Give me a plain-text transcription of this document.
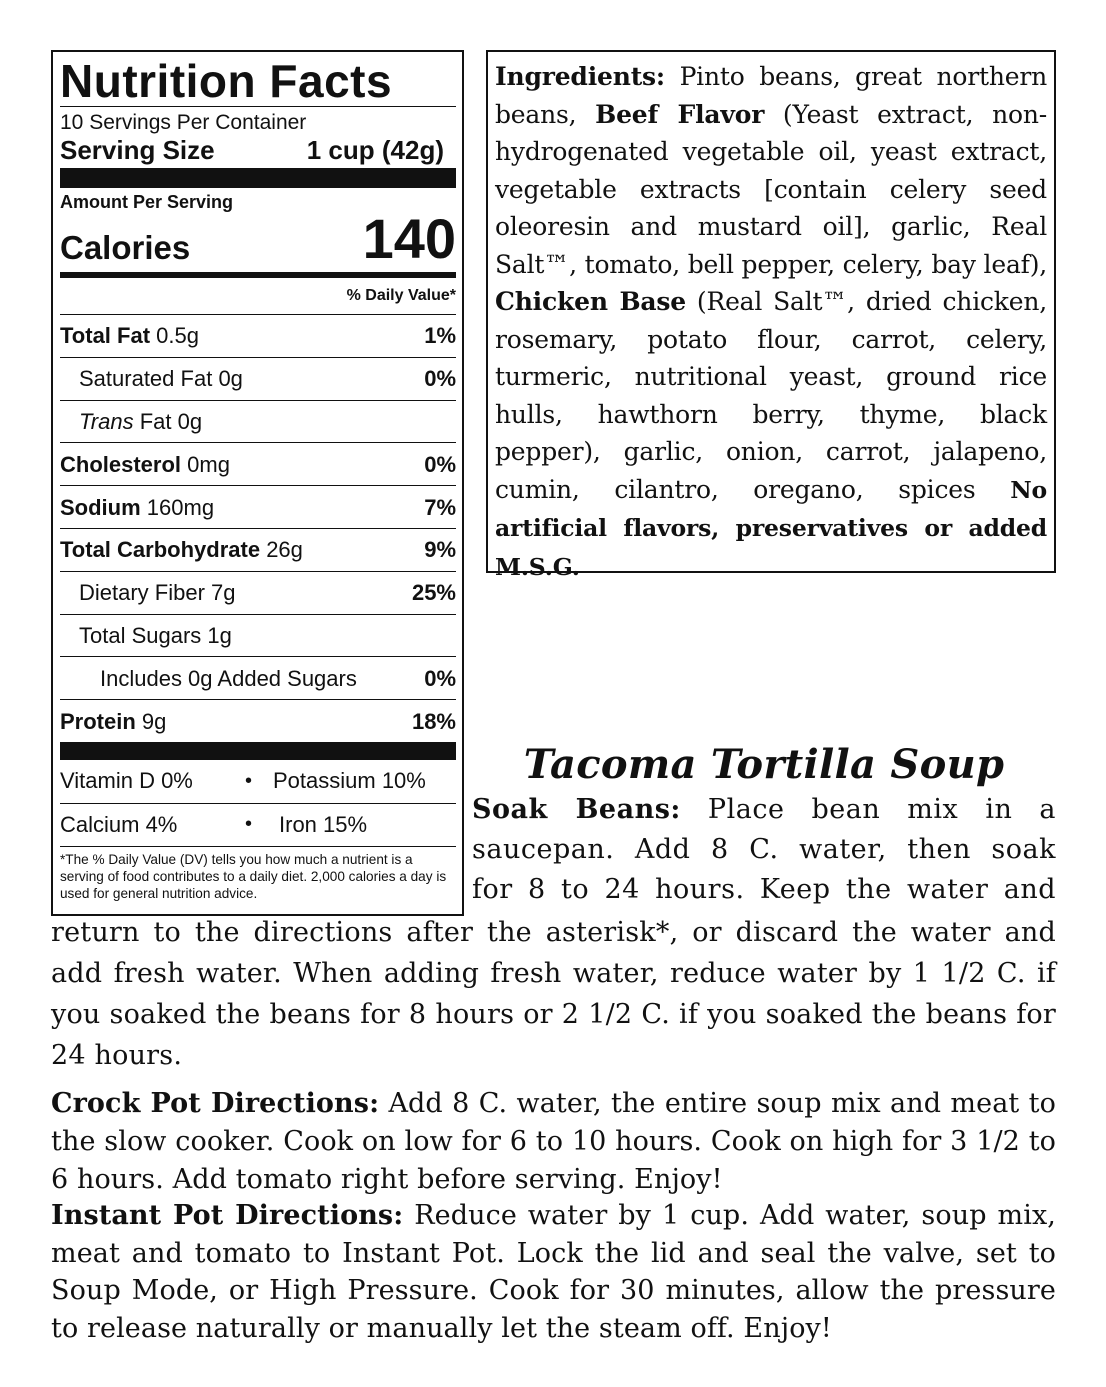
Nutrition Facts
10 Servings Per Container
Serving Size	1 cup (42g)
Amount Per Serving
Calories	140
% Daily Value*
Total Fat 0.5g	1%
Saturated Fat 0g	0%
Trans Fat 0g
Cholesterol 0mg	0%
Sodium 160mg	7%
Total Carbohydrate 26g	9%
Dietary Fiber 7g	25%
Total Sugars 1g
Includes 0g Added Sugars	0%
Protein 9g	18%
Vitamin D 0%	• Potassium 10%
Calcium 4%	•	Iron 15%
*The % Daily Value (DV) tells you how much a nutrient is a serving of food contributes to a daily diet. 2,000 calories a day is used for general nutrition advice.
Ingredients: Pinto beans, great northern beans, Beef Flavor (Yeast extract, non-hydrogenated vegetable oil, yeast extract, vegetable extracts [contain celery seed oleoresin and mustard oil], garlic, Real Salt™, tomato, bell pepper, celery, bay leaf), Chicken Base (Real Salt™, dried chicken, rosemary, potato flour, carrot, celery, turmeric, nutritional yeast, ground rice hulls, hawthorn berry, thyme, black pepper), garlic, onion, carrot, jalapeno, cumin, cilantro, oregano, spices No artificial flavors, preservatives or added M.S.G.
Tacoma Tortilla Soup
Soak Beans: Place bean mix in a
saucepan. Add 8 C. water, then soak
for 8 to 24 hours. Keep the water and
return to the directions after the asterisk*, or discard the water and add fresh water. When adding fresh water, reduce water by 1 1/2 C. if you soaked the beans for 8 hours or 2 1/2 C. if you soaked the beans for 24 hours.
Crock Pot Directions: Add 8 C. water, the entire soup mix and meat to the slow cooker. Cook on low for 6 to 10 hours. Cook on high for 3 1/2 to 6 hours. Add tomato right before serving. Enjoy!
Instant Pot Directions: Reduce water by 1 cup. Add water, soup mix, meat and tomato to Instant Pot. Lock the lid and seal the valve, set to Soup Mode, or High Pressure. Cook for 30 minutes, allow the pressure to release naturally or manually let the steam off. Enjoy!
